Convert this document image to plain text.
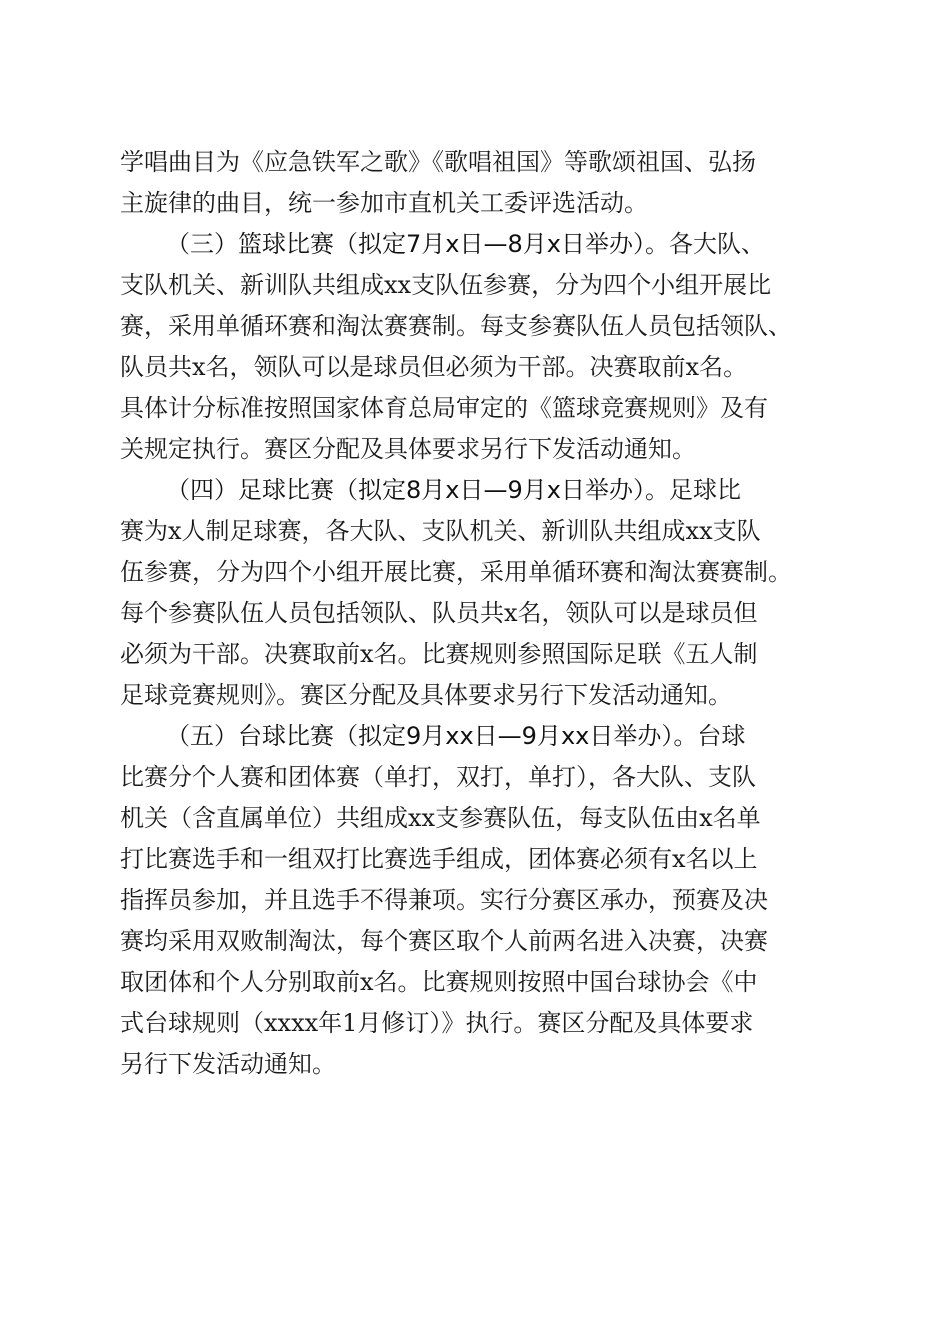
学唱曲目为《应急铁军之歌》《歌唱祖国》等歌颂祖国、弘扬
主旋律的曲目，统一参加市直机关工委评选活动。
（三）篮球比赛（拟定7月x日—8月x日举办）。各大队、
支队机关、新训队共组成xx支队伍参赛，分为四个小组开展比
赛，采用单循环赛和淘汰赛赛制。每支参赛队伍人员包括领队、
队员共x名，领队可以是球员但必须为干部。决赛取前x名。
具体计分标准按照国家体育总局审定的《篮球竞赛规则》及有
关规定执行。赛区分配及具体要求另行下发活动通知。
（四）足球比赛（拟定8月x日—9月x日举办）。足球比
赛为x人制足球赛，各大队、支队机关、新训队共组成xx支队
伍参赛，分为四个小组开展比赛，采用单循环赛和淘汰赛赛制。
每个参赛队伍人员包括领队、队员共x名，领队可以是球员但
必须为干部。决赛取前x名。比赛规则参照国际足联《五人制
足球竞赛规则》。赛区分配及具体要求另行下发活动通知。
（五）台球比赛（拟定9月xx日—9月xx日举办）。台球
比赛分个人赛和团体赛（单打，双打，单打），各大队、支队
机关（含直属单位）共组成xx支参赛队伍，每支队伍由x名单
打比赛选手和一组双打比赛选手组成，团体赛必须有x名以上
指挥员参加，并且选手不得兼项。实行分赛区承办，预赛及决
赛均采用双败制淘汰，每个赛区取个人前两名进入决赛，决赛
取团体和个人分别取前x名。比赛规则按照中国台球协会《中
式台球规则（xxxx年1月修订）》执行。赛区分配及具体要求
另行下发活动通知。
